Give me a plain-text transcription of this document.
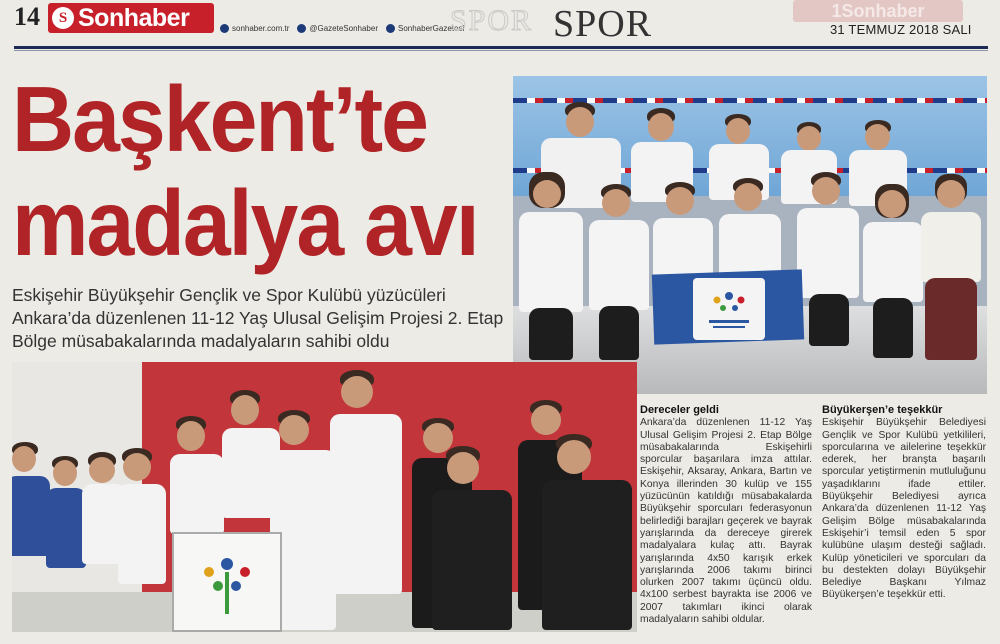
14	S Sonhaber	sonhaber.com.tr	@GazeteSonhaber	SonhaberGazetesi
SPOR SPOR	1Sonhaber
31 TEMMUZ 2018 SALI
Başkent’te
madalya avı

Eskişehir Büyükşehir Gençlik ve Spor Kulübü yüzücüleri Ankara’da düzenlenen 11-12 Yaş Ulusal Gelişim Projesi 2. Etap Bölge müsabakalarında madalyaların sahibi oldu

Dereceler geldi

Ankara’da düzenlenen 11-12 Yaş Ulusal Gelişim Projesi 2. Etap Bölge müsabakalarında Eskişehirli sporcular başarılara imza attılar. Eskişehir, Aksaray, Ankara, Bartın ve Konya illerinden 30 kulüp ve 155 yüzücünün katıldığı müsabakalarda Büyükşehir sporcuları federasyonun belirlediği barajları geçerek ve bayrak yarışlarında da dereceye girerek madalyalara kulaç attı. Bayrak yarışlarında 4x50 karışık erkek yarışlarında 2006 takımı birinci olurken 2007 takımı üçüncü oldu. 4x100 serbest bayrakta ise 2006 ve 2007 takımları ikinci olarak madalyaların sahibi oldular.

Büyükerşen’e teşekkür

Eskişehir Büyükşehir Belediyesi Gençlik ve Spor Kulübü yetkilileri, sporcularına ve ailelerine teşekkür ederek, her branşta başarılı sporcular yetiştirmenin mutluluğunu yaşadıklarını ifade ettiler. Büyükşehir Belediyesi ayrıca Ankara’da düzenlenen 11-12 Yaş Gelişim Bölge müsabakalarında Eskişehir’i temsil eden 5 spor kulübüne ulaşım desteği sağladı. Kulüp yöneticileri ve sporcuları da bu destekten dolayı Büyükşehir Belediye Başkanı Yılmaz Büyükerşen’e teşekkür etti.
